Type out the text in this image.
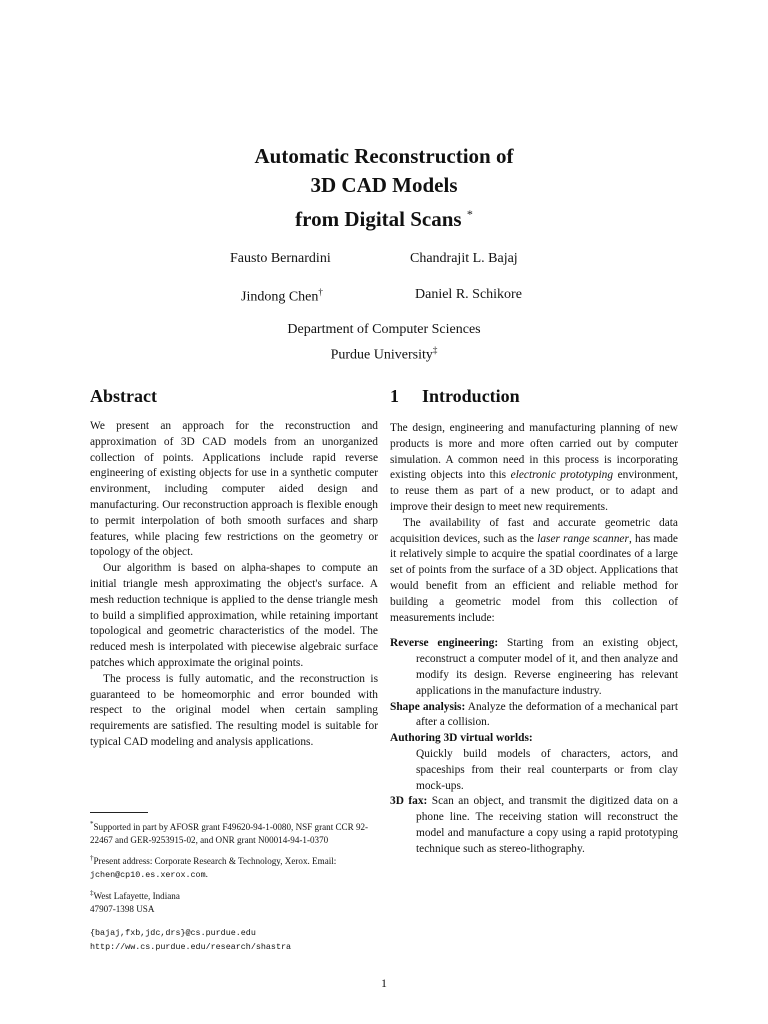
Automatic Reconstruction of
3D CAD Models
from Digital Scans *
Fausto Bernardini	Chandrajit L. Bajaj
Jindong Chen†	Daniel R. Schikore
Department of Computer Sciences
Purdue University‡
Abstract

We present an approach for the reconstruction and approximation of 3D CAD models from an unorganized collection of points. Applications include rapid reverse engineering of existing objects for use in a synthetic computer environment, including computer aided design and manufacturing. Our reconstruction approach is flexible enough to permit interpolation of both smooth surfaces and sharp features, while placing few restrictions on the geometry or topology of the object.

Our algorithm is based on alpha-shapes to compute an initial triangle mesh approximating the object's surface. A mesh reduction technique is applied to the dense triangle mesh to build a simplified approximation, while retaining important topological and geometric characteristics of the model. The reduced mesh is interpolated with piecewise algebraic surface patches which approximate the original points.

The process is fully automatic, and the reconstruction is guaranteed to be homeomorphic and error bounded with respect to the original model when certain sampling requirements are satisfied. The resulting model is suitable for typical CAD modeling and analysis applications.

*Supported in part by AFOSR grant F49620-94-1-0080, NSF grant CCR 92-22467 and GER-9253915-02, and ONR grant N00014-94-1-0370

†Present address: Corporate Research & Technology, Xerox. Email: jchen@cp10.es.xerox.com.

‡West Lafayette, Indiana
47907-1398 USA

{bajaj,fxb,jdc,drs}@cs.purdue.edu
http://ww.cs.purdue.edu/research/shastra

1 Introduction

The design, engineering and manufacturing planning of new products is more and more often carried out by computer simulation. A common need in this process is incorporating existing objects into this electronic prototyping environment, to reuse them as part of a new product, or to adapt and improve their design to meet new requirements.

The availability of fast and accurate geometric data acquisition devices, such as the laser range scanner, has made it relatively simple to acquire the spatial coordinates of a large set of points from the surface of a 3D object. Applications that would benefit from an efficient and reliable method for building a geometric model from this collection of measurements include:

Reverse engineering: Starting from an existing object, reconstruct a computer model of it, and then analyze and modify its design. Reverse engineering has relevant applications in the manufacture industry.

Shape analysis: Analyze the deformation of a mechanical part after a collision.

Authoring 3D virtual worlds:
Quickly build models of characters, actors, and spaceships from their real counterparts or from clay mock-ups.

3D fax: Scan an object, and transmit the digitized data on a phone line. The receiving station will reconstruct the model and manufacture a copy using a rapid prototyping technique such as stereo-lithography.

1
